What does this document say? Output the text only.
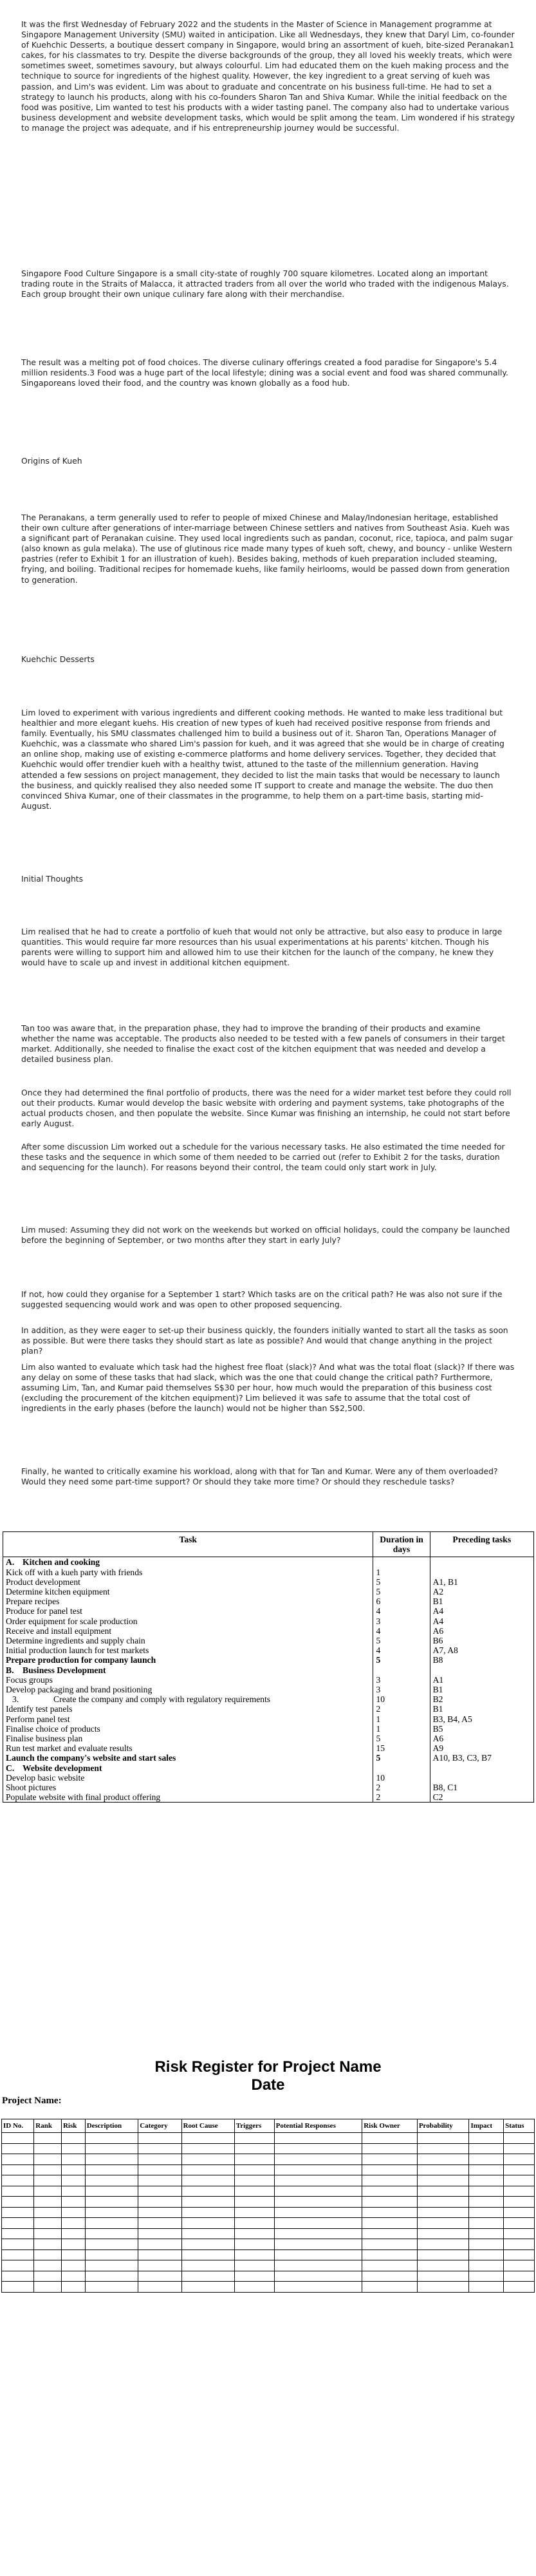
It was the first Wednesday of February 2022 and the students in the Master of Science in Management programme at Singapore Management University (SMU) waited in anticipation. Like all Wednesdays, they knew that Daryl Lim, co-founder of Kuehchic Desserts, a boutique dessert company in Singapore, would bring an assortment of kueh, bite-sized Peranakan1 cakes, for his classmates to try. Despite the diverse backgrounds of the group, they all loved his weekly treats, which were sometimes sweet, sometimes savoury, but always colourful. Lim had educated them on the kueh making process and the technique to source for ingredients of the highest quality. However, the key ingredient to a great serving of kueh was passion, and Lim's was evident. Lim was about to graduate and concentrate on his business full-time. He had to set a strategy to launch his products, along with his co-founders Sharon Tan and Shiva Kumar. While the initial feedback on the food was positive, Lim wanted to test his products with a wider tasting panel. The company also had to undertake various business development and website development tasks, which would be split among the team. Lim wondered if his strategy to manage the project was adequate, and if his entrepreneurship journey would be successful.

Singapore Food Culture Singapore is a small city-state of roughly 700 square kilometres. Located along an important trading route in the Straits of Malacca, it attracted traders from all over the world who traded with the indigenous Malays. Each group brought their own unique culinary fare along with their merchandise.

The result was a melting pot of food choices. The diverse culinary offerings created a food paradise for Singapore's 5.4 million residents.3 Food was a huge part of the local lifestyle; dining was a social event and food was shared communally. Singaporeans loved their food, and the country was known globally as a food hub.

Origins of Kueh

The Peranakans, a term generally used to refer to people of mixed Chinese and Malay/Indonesian heritage, established their own culture after generations of inter-marriage between Chinese settlers and natives from Southeast Asia. Kueh was a significant part of Peranakan cuisine. They used local ingredients such as pandan, coconut, rice, tapioca, and palm sugar (also known as gula melaka). The use of glutinous rice made many types of kueh soft, chewy, and bouncy - unlike Western pastries (refer to Exhibit 1 for an illustration of kueh). Besides baking, methods of kueh preparation included steaming, frying, and boiling. Traditional recipes for homemade kuehs, like family heirlooms, would be passed down from generation to generation.

Kuehchic Desserts

Lim loved to experiment with various ingredients and different cooking methods. He wanted to make less traditional but healthier and more elegant kuehs. His creation of new types of kueh had received positive response from friends and family. Eventually, his SMU classmates challenged him to build a business out of it. Sharon Tan, Operations Manager of Kuehchic, was a classmate who shared Lim's passion for kueh, and it was agreed that she would be in charge of creating an online shop, making use of existing e-commerce platforms and home delivery services. Together, they decided that Kuehchic would offer trendier kueh with a healthy twist, attuned to the taste of the millennium generation. Having attended a few sessions on project management, they decided to list the main tasks that would be necessary to launch the business, and quickly realised they also needed some IT support to create and manage the website. The duo then convinced Shiva Kumar, one of their classmates in the programme, to help them on a part-time basis, starting mid- August.

Initial Thoughts

Lim realised that he had to create a portfolio of kueh that would not only be attractive, but also easy to produce in large quantities. This would require far more resources than his usual experimentations at his parents' kitchen. Though his parents were willing to support him and allowed him to use their kitchen for the launch of the company, he knew they would have to scale up and invest in additional kitchen equipment.

Tan too was aware that, in the preparation phase, they had to improve the branding of their products and examine whether the name was acceptable. The products also needed to be tested with a few panels of consumers in their target market. Additionally, she needed to finalise the exact cost of the kitchen equipment that was needed and develop a detailed business plan.

Once they had determined the final portfolio of products, there was the need for a wider market test before they could roll out their products. Kumar would develop the basic website with ordering and payment systems, take photographs of the actual products chosen, and then populate the website. Since Kumar was finishing an internship, he could not start before early August.

After some discussion Lim worked out a schedule for the various necessary tasks. He also estimated the time needed for these tasks and the sequence in which some of them needed to be carried out (refer to Exhibit 2 for the tasks, duration and sequencing for the launch). For reasons beyond their control, the team could only start work in July.

Lim mused: Assuming they did not work on the weekends but worked on official holidays, could the company be launched before the beginning of September, or two months after they start in early July?

If not, how could they organise for a September 1 start? Which tasks are on the critical path? He was also not sure if the suggested sequencing would work and was open to other proposed sequencing.

In addition, as they were eager to set-up their business quickly, the founders initially wanted to start all the tasks as soon as possible. But were there tasks they should start as late as possible? And would that change anything in the project plan?

Lim also wanted to evaluate which task had the highest free float (slack)? And what was the total float (slack)? If there was any delay on some of these tasks that had slack, which was the one that could change the critical path? Furthermore, assuming Lim, Tan, and Kumar paid themselves S$30 per hour, how much would the preparation of this business cost (excluding the procurement of the kitchen equipment)? Lim believed it was safe to assume that the total cost of ingredients in the early phases (before the launch) would not be higher than S$2,500.

Finally, he wanted to critically examine his workload, along with that for Tan and Kumar. Were any of them overloaded? Would they need some part-time support? Or should they take more time? Or should they reschedule tasks?

Task	Duration in days	Preceding tasks
A. Kitchen and cooking		
Kick off with a kueh party with friends	1	
Product development	5	A1, B1
Determine kitchen equipment	5	A2
Prepare recipes	6	B1
Produce for panel test	4	A4
Order equipment for scale production	3	A4
Receive and install equipment	4	A6
Determine ingredients and supply chain	5	B6
Initial production launch for test markets	4	A7, A8
Prepare production for company launch	5	B8
B. Business Development		
Focus groups	3	A1
Develop packaging and brand positioning	3	B1
3. Create the company and comply with regulatory requirements	10	B2
Identify test panels	2	B1
Perform panel test	1	B3, B4, A5
Finalise choice of products	1	B5
Finalise business plan	5	A6
Run test market and evaluate results	15	A9
Launch the company's website and start sales	5	A10, B3, C3, B7
C. Website development		
Develop basic website	10	
Shoot pictures	2	B8, C1
Populate website with final product offering	2	C2

Risk Register for Project Name

Date

Project Name:

ID No.	Rank	Risk	Description	Category	Root Cause	Triggers	Potential Responses	Risk Owner	Probability	Impact	Status
